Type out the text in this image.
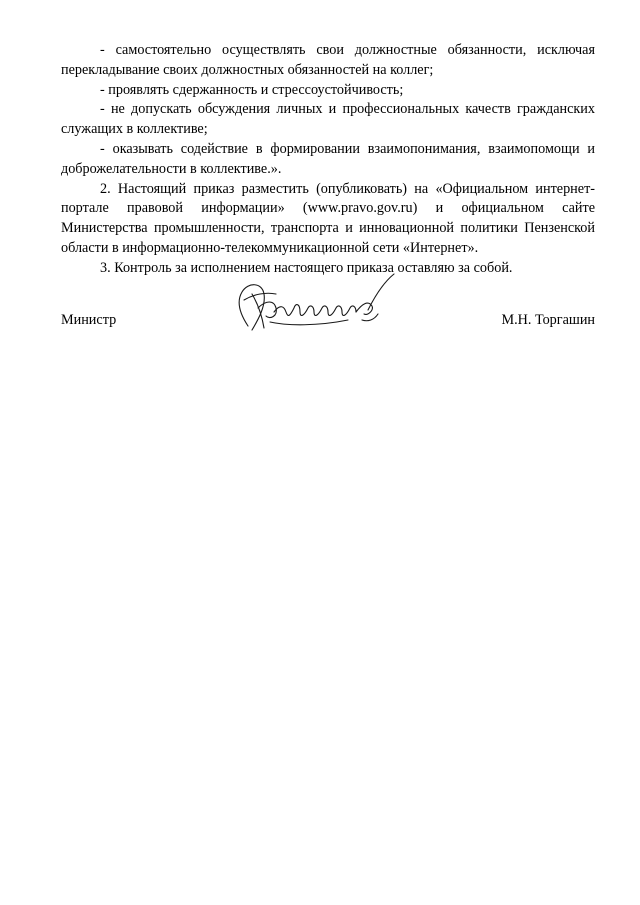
- самостоятельно осуществлять свои должностные обязанности, исключая перекладывание своих должностных обязанностей на коллег;

- проявлять сдержанность и стрессоустойчивость;

- не допускать обсуждения личных и профессиональных качеств гражданских служащих в коллективе;

- оказывать содействие в формировании взаимопонимания, взаимопомощи и доброжелательности в коллективе.».

2. Настоящий приказ разместить (опубликовать) на «Официальном интернет-портале правовой информации» (www.pravo.gov.ru) и официальном сайте Министерства промышленности, транспорта и инновационной политики Пензенской области в информационно-телекоммуникационной сети «Интернет».

3. Контроль за исполнением настоящего приказа оставляю за собой.

Министр	М.Н. Торгашин
